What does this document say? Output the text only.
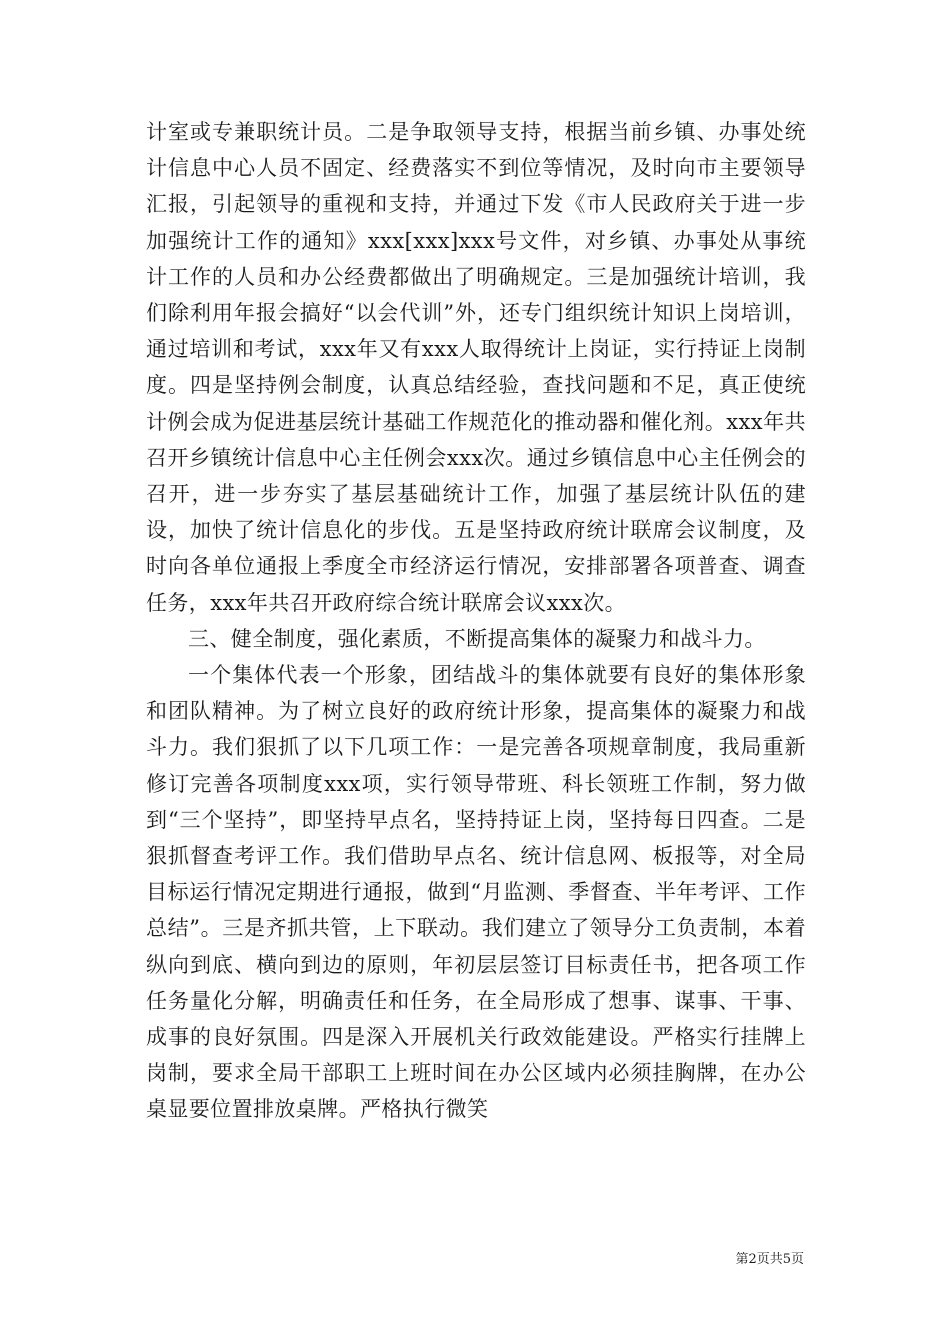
计室或专兼职统计员。二是争取领导支持，根据当前乡镇、办事处统计信息中心人员不固定、经费落实不到位等情况，及时向市主要领导汇报，引起领导的重视和支持，并通过下发《市人民政府关于进一步加强统计工作的通知》xxx[xxx]xxx号文件，对乡镇、办事处从事统计工作的人员和办公经费都做出了明确规定。三是加强统计培训，我们除利用年报会搞好“以会代训”外，还专门组织统计知识上岗培训，通过培训和考试，xxx年又有xxx人取得统计上岗证，实行持证上岗制度。四是坚持例会制度，认真总结经验，查找问题和不足，真正使统计例会成为促进基层统计基础工作规范化的推动器和催化剂。xxx年共召开乡镇统计信息中心主任例会xxx次。通过乡镇信息中心主任例会的召开，进一步夯实了基层基础统计工作，加强了基层统计队伍的建设，加快了统计信息化的步伐。五是坚持政府统计联席会议制度，及时向各单位通报上季度全市经济运行情况，安排部署各项普查、调查任务，xxx年共召开政府综合统计联席会议xxx次。

三、健全制度，强化素质，不断提高集体的凝聚力和战斗力。

一个集体代表一个形象，团结战斗的集体就要有良好的集体形象和团队精神。为了树立良好的政府统计形象，提高集体的凝聚力和战斗力。我们狠抓了以下几项工作：一是完善各项规章制度，我局重新修订完善各项制度xxx项，实行领导带班、科长领班工作制，努力做到“三个坚持”，即坚持早点名，坚持持证上岗，坚持每日四查。二是狠抓督查考评工作。我们借助早点名、统计信息网、板报等，对全局目标运行情况定期进行通报，做到“月监测、季督查、半年考评、工作总结”。三是齐抓共管，上下联动。我们建立了领导分工负责制，本着纵向到底、横向到边的原则，年初层层签订目标责任书，把各项工作任务量化分解，明确责任和任务，在全局形成了想事、谋事、干事、成事的良好氛围。四是深入开展机关行政效能建设。严格实行挂牌上岗制，要求全局干部职工上班时间在办公区域内必须挂胸牌，在办公桌显要位置排放桌牌。严格执行微笑

第2页共5页
